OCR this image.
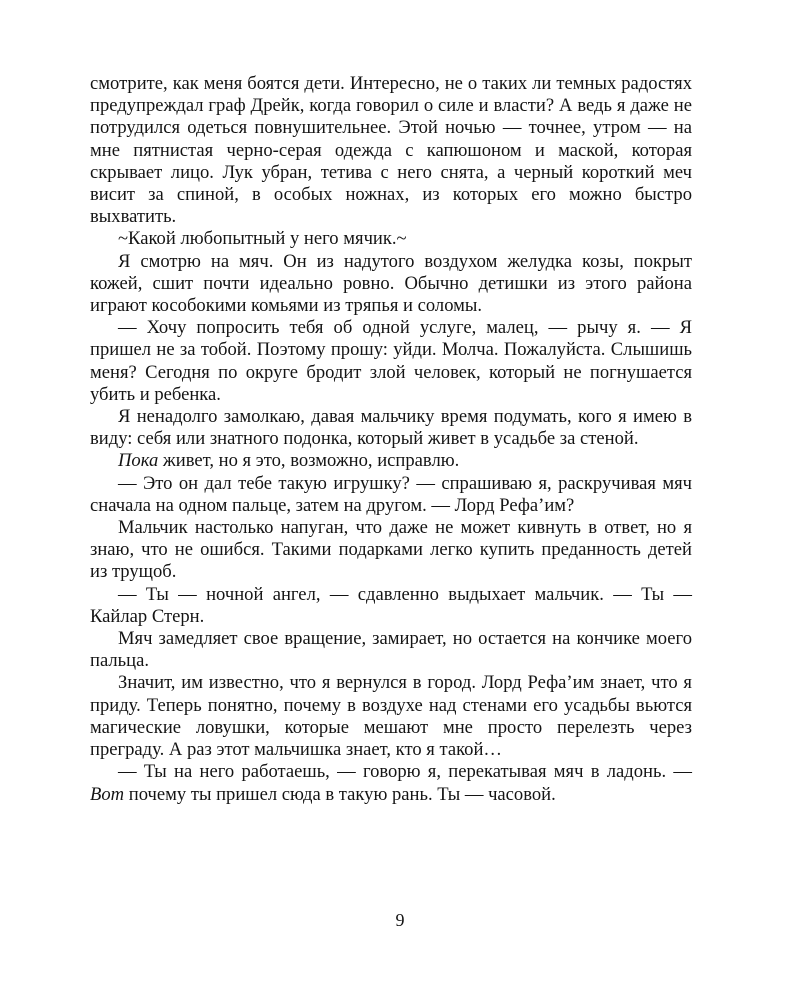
смотрите, как меня боятся дети. Интересно, не о таких ли темных радостях предупреждал граф Дрейк, когда говорил о силе и власти? А ведь я даже не потрудился одеться повнушительнее. Этой ночью — точнее, утром — на мне пятнистая черно-серая одежда с капюшоном и маской, которая скрывает лицо. Лук убран, тетива с него снята, а черный короткий меч висит за спиной, в особых ножнах, из которых его можно быстро выхватить.

~Какой любопытный у него мячик.~

Я смотрю на мяч. Он из надутого воздухом желудка козы, покрыт кожей, сшит почти идеально ровно. Обычно детишки из этого района играют кособокими комьями из тряпья и соломы.

— Хочу попросить тебя об одной услуге, малец, — рычу я. — Я пришел не за тобой. Поэтому прошу: уйди. Молча. Пожалуйста. Слышишь меня? Сегодня по округе бродит злой человек, который не погнушается убить и ребенка.

Я ненадолго замолкаю, давая мальчику время подумать, кого я имею в виду: себя или знатного подонка, который живет в усадьбе за стеной.

Пока живет, но я это, возможно, исправлю.

— Это он дал тебе такую игрушку? — спрашиваю я, раскручивая мяч сначала на одном пальце, затем на другом. — Лорд Рефа’им?

Мальчик настолько напуган, что даже не может кивнуть в ответ, но я знаю, что не ошибся. Такими подарками легко купить преданность детей из трущоб.

— Ты — ночной ангел, — сдавленно выдыхает мальчик. — Ты — Кайлар Стерн.

Мяч замедляет свое вращение, замирает, но остается на кончике моего пальца.

Значит, им известно, что я вернулся в город. Лорд Рефа’им знает, что я приду. Теперь понятно, почему в воздухе над стенами его усадьбы вьются магические ловушки, которые мешают мне просто перелезть через преграду. А раз этот мальчишка знает, кто я такой…

— Ты на него работаешь, — говорю я, перекатывая мяч в ладонь. — Вот почему ты пришел сюда в такую рань. Ты — часовой.

9
